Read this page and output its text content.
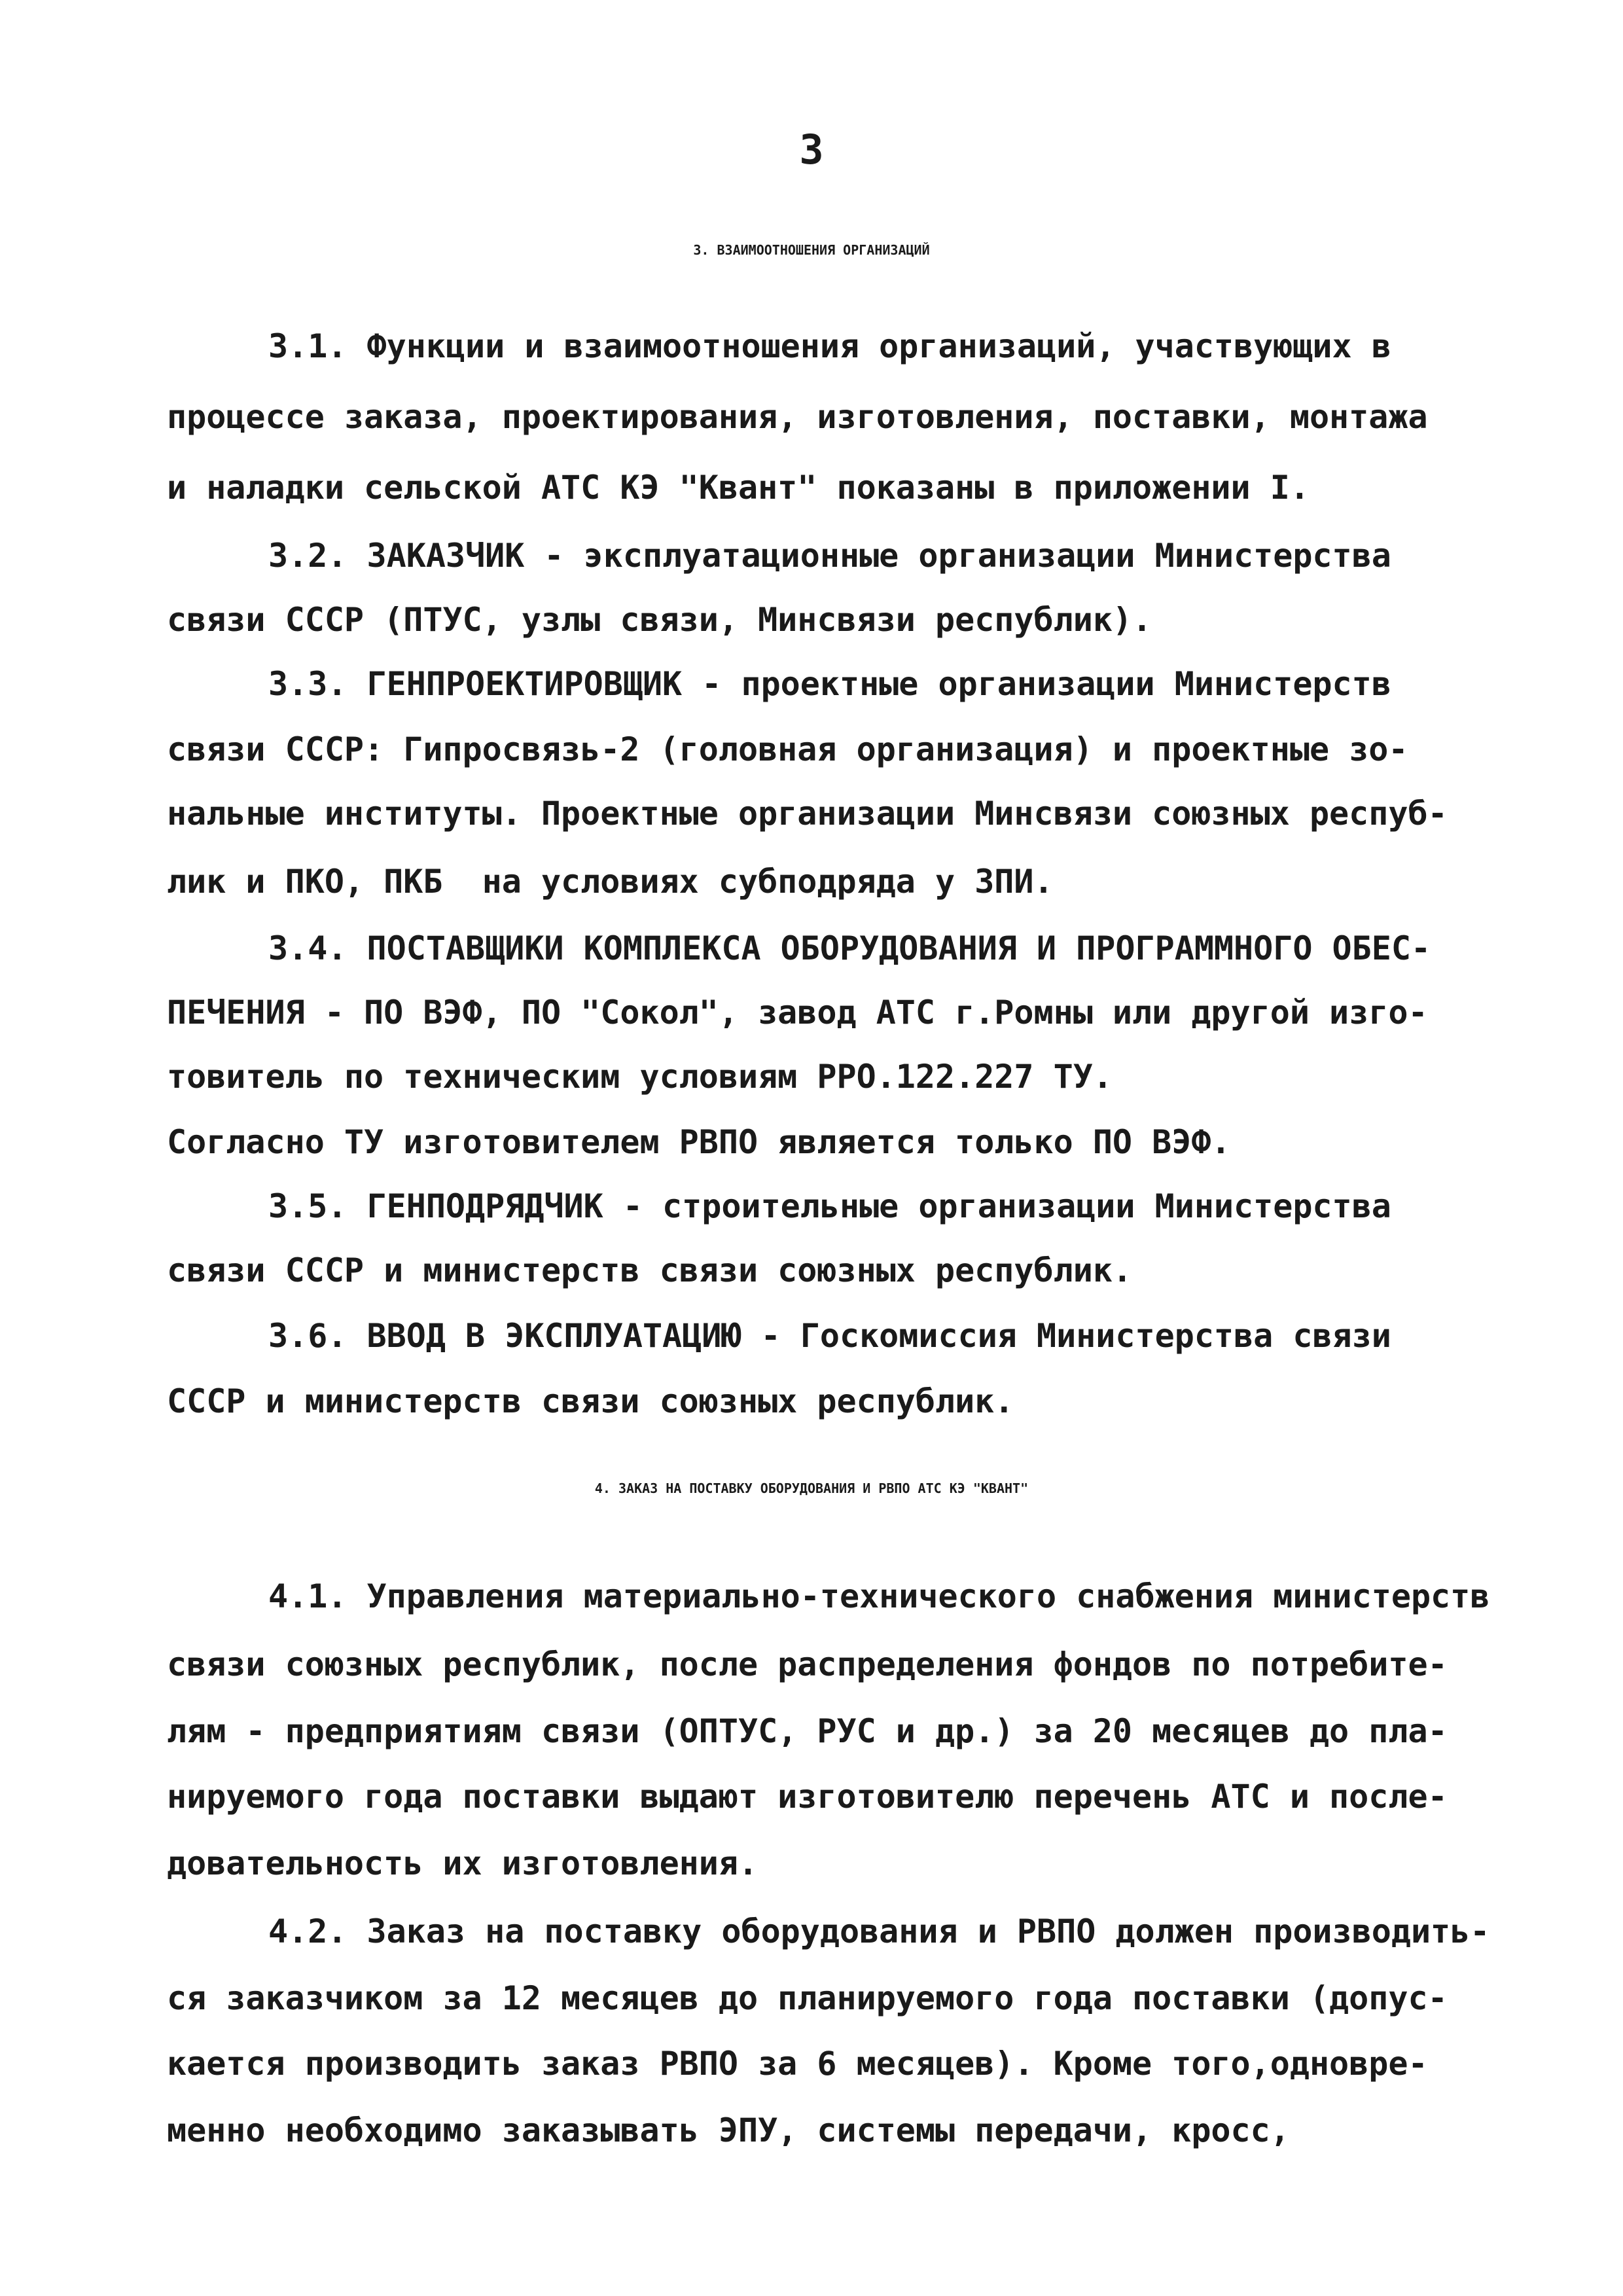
3
3. ВЗАИМООТНОШЕНИЯ ОРГАНИЗАЦИЙ
3.1. Функции и взаимоотношения организаций, участвующих в
процессе заказа, проектирования, изготовления, поставки, монтажа
и наладки сельской АТС КЭ "Квант" показаны в приложении I.
3.2. ЗАКАЗЧИК - эксплуатационные организации Министерства
связи СССР (ПТУС, узлы связи, Минсвязи республик).
3.3. ГЕНПРОЕКТИРОВЩИК - проектные организации Министерств
связи СССР: Гипросвязь-2 (головная организация) и проектные зо-
нальные институты. Проектные организации Минсвязи союзных респуб-
лик и ПКО, ПКБ  на условиях субподряда у ЗПИ.
3.4. ПОСТАВЩИКИ КОМПЛЕКСА ОБОРУДОВАНИЯ И ПРОГРАММНОГО ОБЕС-
ПЕЧЕНИЯ - ПО ВЭФ, ПО "Сокол", завод АТС г.Ромны или другой изго-
товитель по техническим условиям РРО.122.227 ТУ.
Согласно ТУ изготовителем РВПО является только ПО ВЭФ.
3.5. ГЕНПОДРЯДЧИК - строительные организации Министерства
связи СССР и министерств связи союзных республик.
3.6. ВВОД В ЭКСПЛУАТАЦИЮ - Госкомиссия Министерства связи
СССР и министерств связи союзных республик.
4. ЗАКАЗ НА ПОСТАВКУ ОБОРУДОВАНИЯ И РВПО АТС КЭ "КВАНТ"
4.1. Управления материально-технического снабжения министерств
связи союзных республик, после распределения фондов по потребите-
лям - предприятиям связи (ОПТУС, РУС и др.) за 20 месяцев до пла-
нируемого года поставки выдают изготовителю перечень АТС и после-
довательность их изготовления.
4.2. Заказ на поставку оборудования и РВПО должен производить-
ся заказчиком за 12 месяцев до планируемого года поставки (допус-
кается производить заказ РВПО за 6 месяцев). Кроме того,одновре-
менно необходимо заказывать ЭПУ, системы передачи, кросс,
